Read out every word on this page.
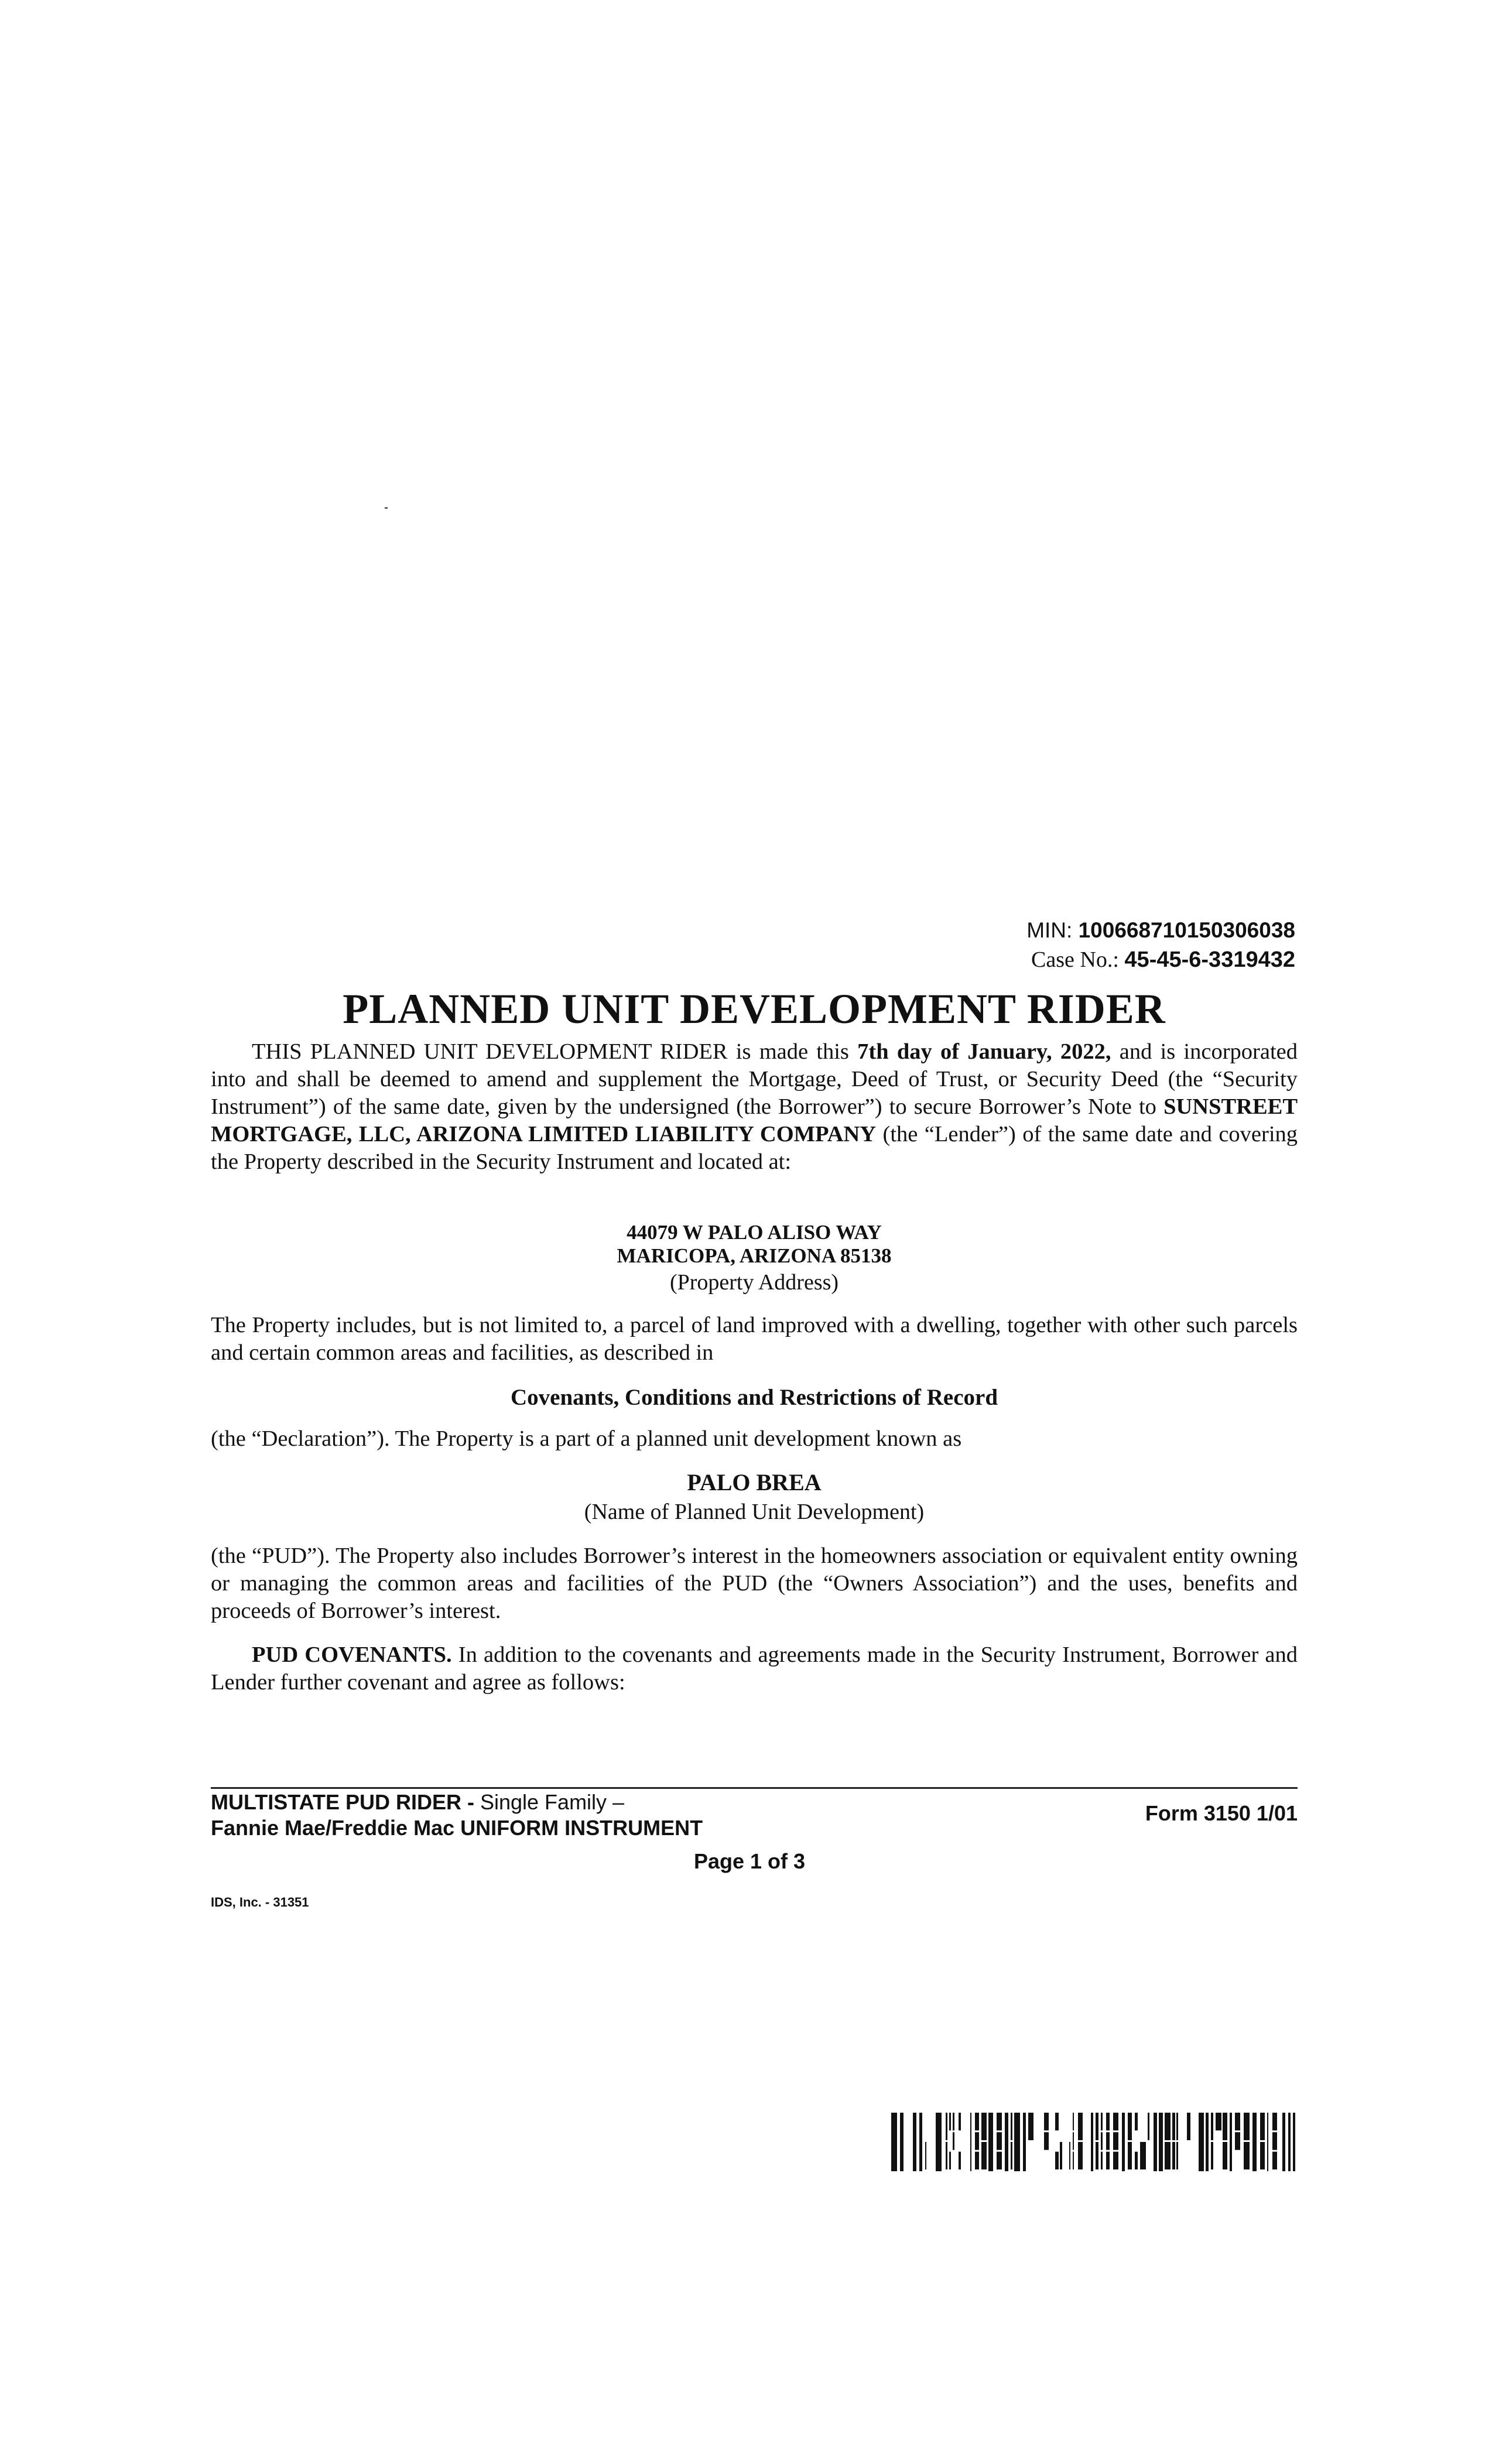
MIN: 100668710150306038
Case No.: 45-45-6-3319432
PLANNED UNIT DEVELOPMENT RIDER

THIS PLANNED UNIT DEVELOPMENT RIDER is made this 7th day of January, 2022, and is incorporated into and shall be deemed to amend and supplement the Mortgage, Deed of Trust, or Security Deed (the “Security Instrument”) of the same date, given by the undersigned (the Borrower”) to secure Borrower’s Note to SUNSTREET MORTGAGE, LLC, ARIZONA LIMITED LIABILITY COMPANY (the “Lender”) of the same date and covering the Property described in the Security Instrument and located at:

44079 W PALO ALISO WAY
MARICOPA, ARIZONA 85138
(Property Address)

The Property includes, but is not limited to, a parcel of land improved with a dwelling, together with other such parcels and certain common areas and facilities, as described in

Covenants, Conditions and Restrictions of Record

(the “Declaration”). The Property is a part of a planned unit development known as

PALO BREA
(Name of Planned Unit Development)

(the “PUD”). The Property also includes Borrower’s interest in the homeowners association or equivalent entity owning or managing the common areas and facilities of the PUD (the “Owners Association”) and the uses, benefits and proceeds of Borrower’s interest.

PUD COVENANTS. In addition to the covenants and agreements made in the Security Instrument, Borrower and Lender further covenant and agree as follows:

MULTISTATE PUD RIDER - Single Family –
Fannie Mae/Freddie Mac UNIFORM INSTRUMENT
Form 3150 1/01
Page 1 of 3
IDS, Inc. - 31351
